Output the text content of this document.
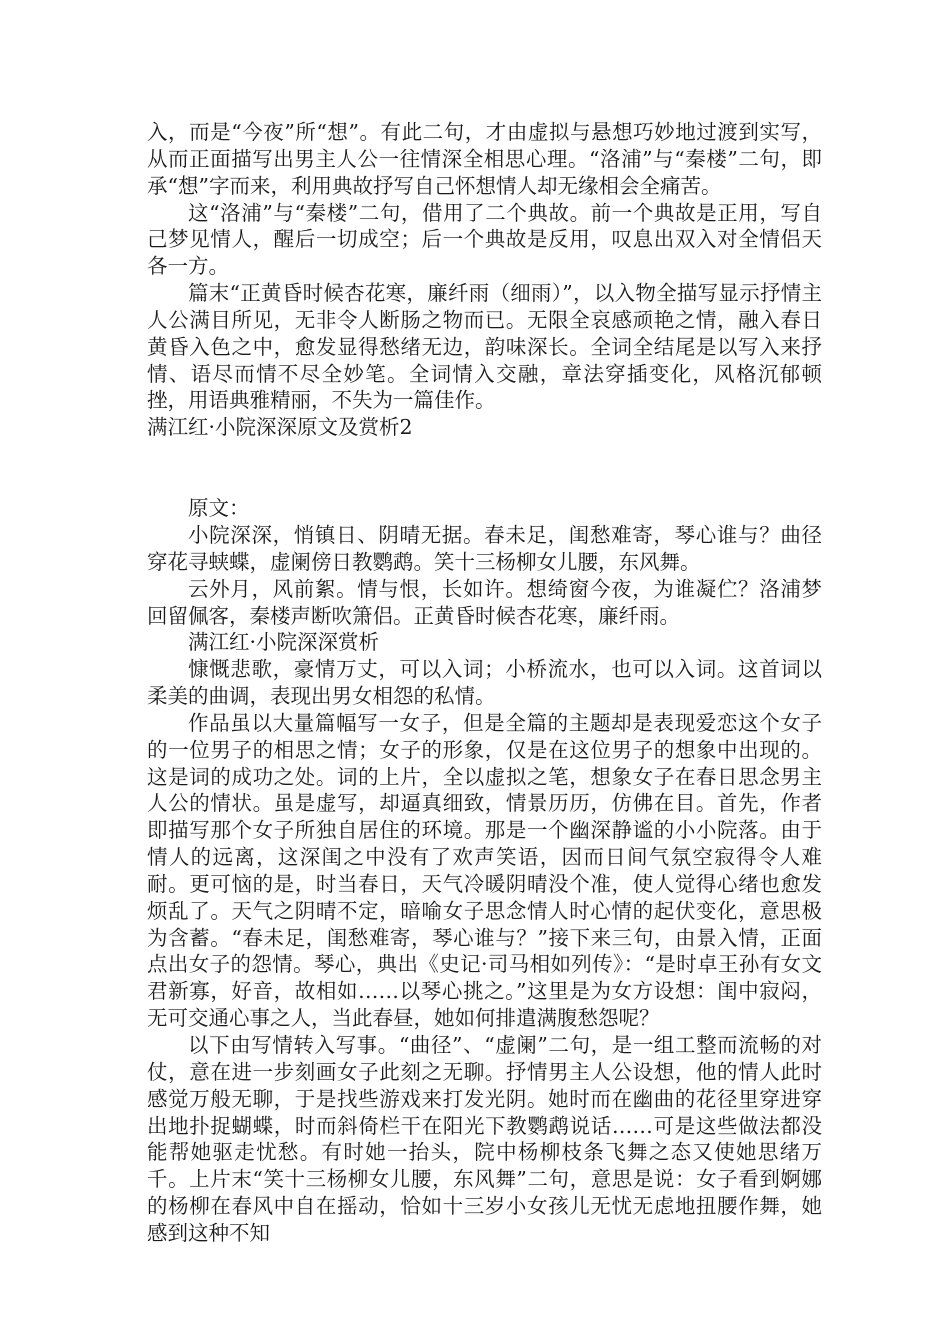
入，而是“今夜”所“想”。有此二句，才由虚拟与悬想巧妙地过渡到实写，从而正面描写出男主人公一往情深全相思心理。“洛浦”与“秦楼”二句，即承“想”字而来，利用典故抒写自己怀想情人却无缘相会全痛苦。

这“洛浦”与“秦楼”二句，借用了二个典故。前一个典故是正用，写自己梦见情人，醒后一切成空；后一个典故是反用，叹息出双入对全情侣天各一方。

篇末“正黄昏时候杏花寒，廉纤雨（细雨）”，以入物全描写显示抒情主人公满目所见，无非令人断肠之物而已。无限全哀感顽艳之情，融入春日黄昏入色之中，愈发显得愁绪无边，韵味深长。全词全结尾是以写入来抒情、语尽而情不尽全妙笔。全词情入交融，章法穿插变化，风格沉郁顿挫，用语典雅精丽，不失为一篇佳作。

满江红·小院深深原文及赏析2

原文：

小院深深，悄镇日、阴晴无据。春未足，闺愁难寄，琴心谁与？曲径穿花寻蛱蝶，虚阑傍日教鹦鹉。笑十三杨柳女儿腰，东风舞。

云外月，风前絮。情与恨，长如许。想绮窗今夜，为谁凝伫？洛浦梦回留佩客，秦楼声断吹箫侣。正黄昏时候杏花寒，廉纤雨。

满江红·小院深深赏析

慷慨悲歌，豪情万丈，可以入词；小桥流水，也可以入词。这首词以柔美的曲调，表现出男女相怨的私情。

作品虽以大量篇幅写一女子，但是全篇的主题却是表现爱恋这个女子的一位男子的相思之情；女子的形象，仅是在这位男子的想象中出现的。这是词的成功之处。词的上片，全以虚拟之笔，想象女子在春日思念男主人公的情状。虽是虚写，却逼真细致，情景历历，仿佛在目。首先，作者即描写那个女子所独自居住的环境。那是一个幽深静谧的小小院落。由于情人的远离，这深闺之中没有了欢声笑语，因而日间气氛空寂得令人难耐。更可恼的是，时当春日，天气冷暖阴晴没个准，使人觉得心绪也愈发烦乱了。天气之阴晴不定，暗喻女子思念情人时心情的起伏变化，意思极为含蓄。“春未足，闺愁难寄，琴心谁与？”接下来三句，由景入情，正面点出女子的怨情。琴心，典出《史记·司马相如列传》：“是时卓王孙有女文君新寡，好音，故相如……以琴心挑之。”这里是为女方设想：闺中寂闷，无可交通心事之人，当此春昼，她如何排遣满腹愁怨呢？

以下由写情转入写事。“曲径”、“虚阑”二句，是一组工整而流畅的对仗，意在进一步刻画女子此刻之无聊。抒情男主人公设想，他的情人此时感觉万般无聊，于是找些游戏来打发光阴。她时而在幽曲的花径里穿进穿出地扑捉蝴蝶，时而斜倚栏干在阳光下教鹦鹉说话……可是这些做法都没能帮她驱走忧愁。有时她一抬头，院中杨柳枝条飞舞之态又使她思绪万千。上片末“笑十三杨柳女儿腰，东风舞”二句，意思是说：女子看到婀娜的杨柳在春风中自在摇动，恰如十三岁小女孩儿无忧无虑地扭腰作舞，她感到这种不知
